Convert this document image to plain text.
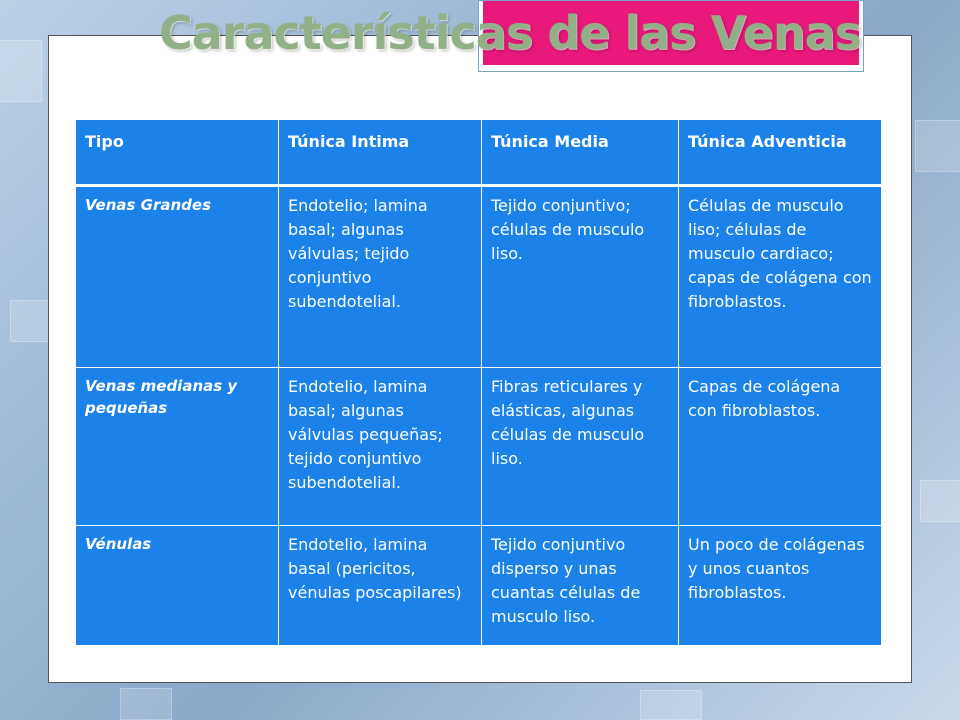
Características de las Venas
Tipo	Túnica Intima	Túnica Media	Túnica Adventicia
Venas Grandes	Endotelio; lamina basal; algunas válvulas; tejido conjuntivo subendotelial.	Tejido conjuntivo; células de musculo liso.	Células de musculo liso; células de musculo cardiaco; capas de colágena con fibroblastos.
Venas medianas y pequeñas	Endotelio, lamina basal; algunas válvulas pequeñas; tejido conjuntivo subendotelial.	Fibras reticulares y elásticas, algunas células de musculo liso.	Capas de colágena con fibroblastos.
Vénulas	Endotelio, lamina basal (pericitos, vénulas poscapilares)	Tejido conjuntivo disperso y unas cuantas células de musculo liso.	Un poco de colágenas y unos cuantos fibroblastos.
